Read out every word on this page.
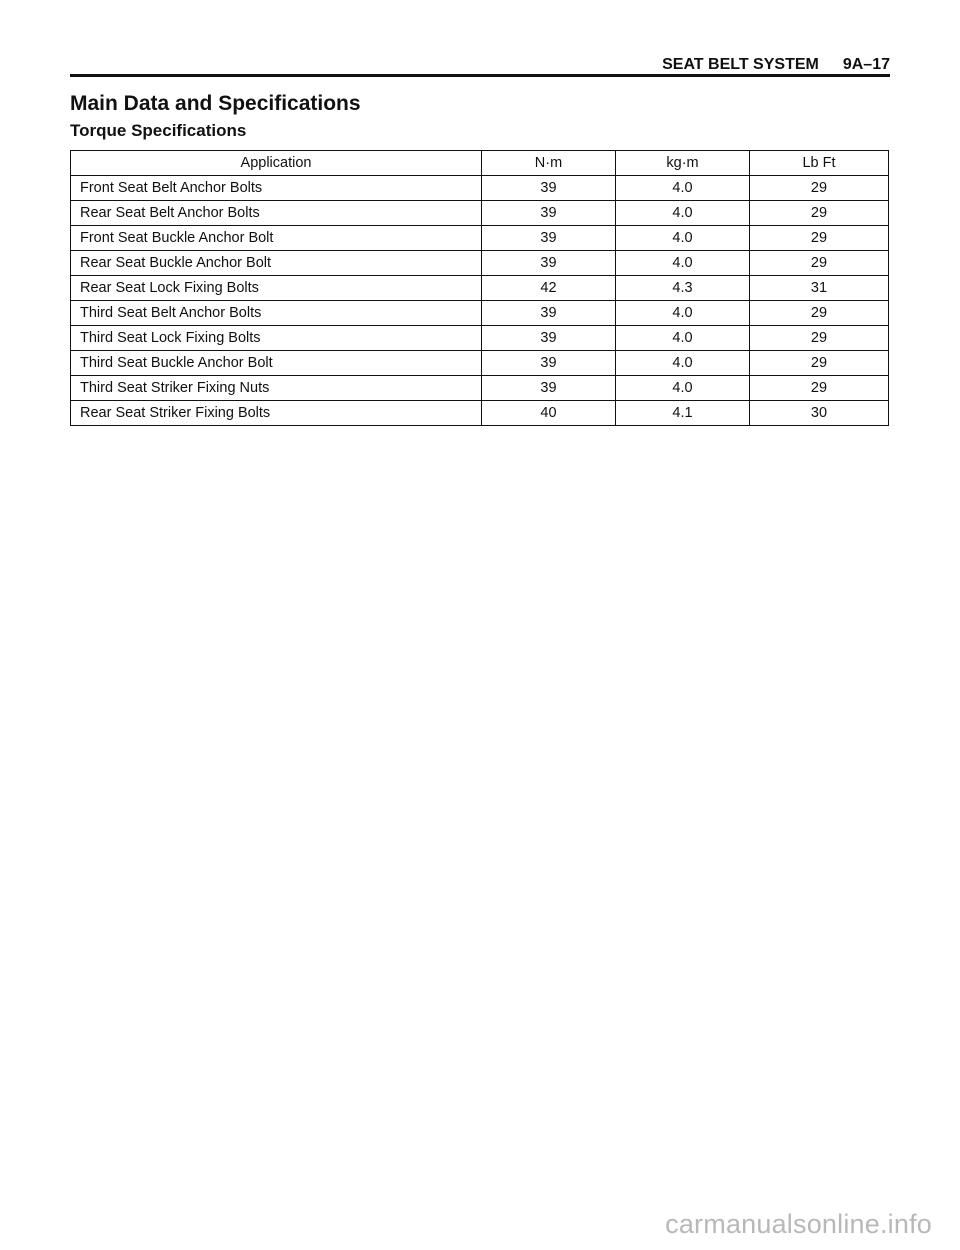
SEAT BELT SYSTEM 9A–17
Main Data and Specifications
Torque Specifications
Application	N·m	kg·m	Lb Ft
Front Seat Belt Anchor Bolts	39	4.0	29
Rear Seat Belt Anchor Bolts	39	4.0	29
Front Seat Buckle Anchor Bolt	39	4.0	29
Rear Seat Buckle Anchor Bolt	39	4.0	29
Rear Seat Lock Fixing Bolts	42	4.3	31
Third Seat Belt Anchor Bolts	39	4.0	29
Third Seat Lock Fixing Bolts	39	4.0	29
Third Seat Buckle Anchor Bolt	39	4.0	29
Third Seat Striker Fixing Nuts	39	4.0	29
Rear Seat Striker Fixing Bolts	40	4.1	30
carmanualsonline.info
